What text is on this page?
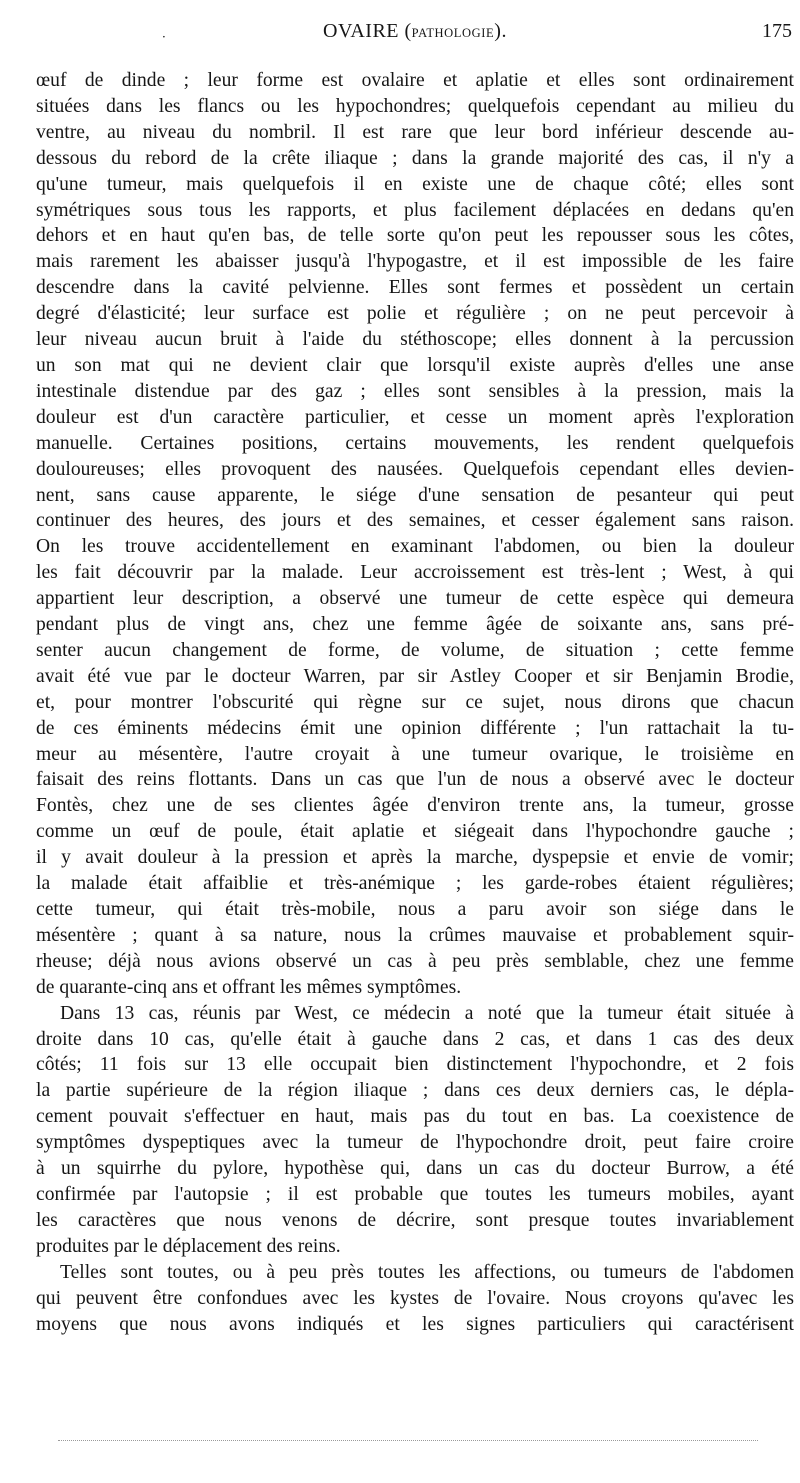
·	OVAIRE (PATHOLOGIE).	175

œuf de dinde ; leur forme est ovalaire et aplatie et elles sont ordinairement
situées dans les flancs ou les hypochondres; quelquefois cependant au milieu du
ventre, au niveau du nombril. Il est rare que leur bord inférieur descende au-
dessous du rebord de la crête iliaque ; dans la grande majorité des cas, il n'y a
qu'une tumeur, mais quelquefois il en existe une de chaque côté; elles sont
symétriques sous tous les rapports, et plus facilement déplacées en dedans qu'en
dehors et en haut qu'en bas, de telle sorte qu'on peut les repousser sous les côtes,
mais rarement les abaisser jusqu'à l'hypogastre, et il est impossible de les faire
descendre dans la cavité pelvienne. Elles sont fermes et possèdent un certain
degré d'élasticité; leur surface est polie et régulière ; on ne peut percevoir à
leur niveau aucun bruit à l'aide du stéthoscope; elles donnent à la percussion
un son mat qui ne devient clair que lorsqu'il existe auprès d'elles une anse
intestinale distendue par des gaz ; elles sont sensibles à la pression, mais la
douleur est d'un caractère particulier, et cesse un moment après l'exploration
manuelle. Certaines positions, certains mouvements, les rendent quelquefois
douloureuses; elles provoquent des nausées. Quelquefois cependant elles devien-
nent, sans cause apparente, le siége d'une sensation de pesanteur qui peut
continuer des heures, des jours et des semaines, et cesser également sans raison.
On les trouve accidentellement en examinant l'abdomen, ou bien la douleur
les fait découvrir par la malade. Leur accroissement est très-lent ; West, à qui
appartient leur description, a observé une tumeur de cette espèce qui demeura
pendant plus de vingt ans, chez une femme âgée de soixante ans, sans pré-
senter aucun changement de forme, de volume, de situation ; cette femme
avait été vue par le docteur Warren, par sir Astley Cooper et sir Benjamin Brodie,
et, pour montrer l'obscurité qui règne sur ce sujet, nous dirons que chacun
de ces éminents médecins émit une opinion différente ; l'un rattachait la tu-
meur au mésentère, l'autre croyait à une tumeur ovarique, le troisième en
faisait des reins flottants. Dans un cas que l'un de nous a observé avec le docteur
Fontès, chez une de ses clientes âgée d'environ trente ans, la tumeur, grosse
comme un œuf de poule, était aplatie et siégeait dans l'hypochondre gauche ;
il y avait douleur à la pression et après la marche, dyspepsie et envie de vomir;
la malade était affaiblie et très-anémique ; les garde-robes étaient régulières;
cette tumeur, qui était très-mobile, nous a paru avoir son siége dans le
mésentère ; quant à sa nature, nous la crûmes mauvaise et probablement squir-
rheuse; déjà nous avions observé un cas à peu près semblable, chez une femme
de quarante-cinq ans et offrant les mêmes symptômes.

Dans 13 cas, réunis par West, ce médecin a noté que la tumeur était située à
droite dans 10 cas, qu'elle était à gauche dans 2 cas, et dans 1 cas des deux
côtés; 11 fois sur 13 elle occupait bien distinctement l'hypochondre, et 2 fois
la partie supérieure de la région iliaque ; dans ces deux derniers cas, le dépla-
cement pouvait s'effectuer en haut, mais pas du tout en bas. La coexistence de
symptômes dyspeptiques avec la tumeur de l'hypochondre droit, peut faire croire
à un squirrhe du pylore, hypothèse qui, dans un cas du docteur Burrow, a été
confirmée par l'autopsie ; il est probable que toutes les tumeurs mobiles, ayant
les caractères que nous venons de décrire, sont presque toutes invariablement
produites par le déplacement des reins.

Telles sont toutes, ou à peu près toutes les affections, ou tumeurs de l'abdomen
qui peuvent être confondues avec les kystes de l'ovaire. Nous croyons qu'avec les
moyens que nous avons indiqués et les signes particuliers qui caractérisent
